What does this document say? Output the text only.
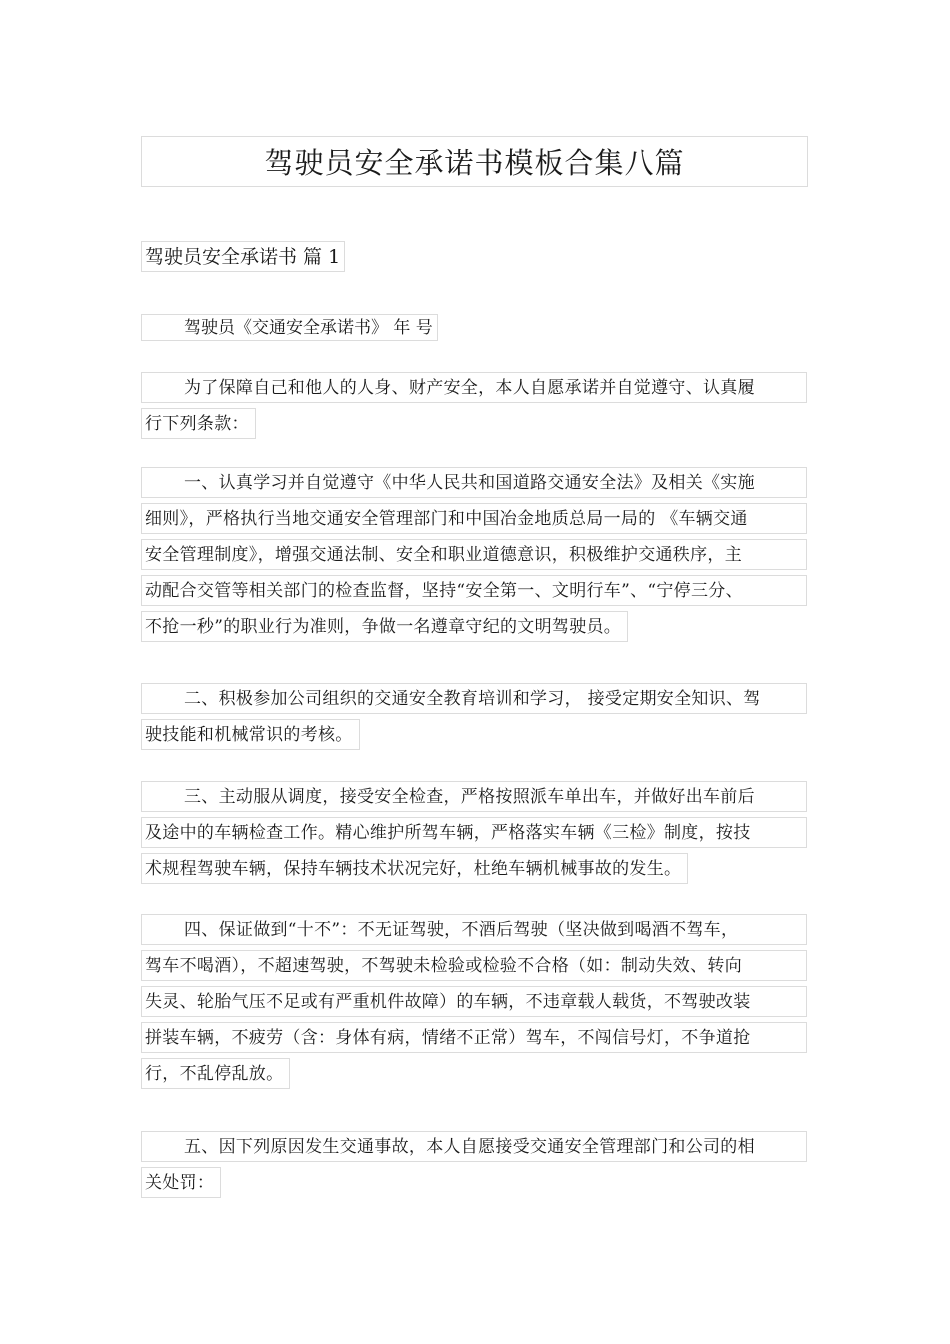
驾驶员安全承诺书模板合集八篇
驾驶员安全承诺书 篇 1
驾驶员《交通安全承诺书》 年 号
为了保障自己和他人的人身、财产安全，本人自愿承诺并自觉遵守、认真履
行下列条款：
一、认真学习并自觉遵守《中华人民共和国道路交通安全法》及相关《实施
细则》，严格执行当地交通安全管理部门和中国冶金地质总局一局的 《车辆交通
安全管理制度》，增强交通法制、安全和职业道德意识，积极维护交通秩序，主
动配合交管等相关部门的检查监督，坚持“安全第一、文明行车”、“宁停三分、
不抢一秒”的职业行为准则，争做一名遵章守纪的文明驾驶员。
二、积极参加公司组织的交通安全教育培训和学习， 接受定期安全知识、驾
驶技能和机械常识的考核。
三、主动服从调度，接受安全检查，严格按照派车单出车，并做好出车前后
及途中的车辆检查工作。精心维护所驾车辆，严格落实车辆《三检》制度，按技
术规程驾驶车辆，保持车辆技术状况完好，杜绝车辆机械事故的发生。
四、保证做到“十不”：不无证驾驶，不酒后驾驶（坚决做到喝酒不驾车，
驾车不喝酒），不超速驾驶，不驾驶未检验或检验不合格（如：制动失效、转向
失灵、轮胎气压不足或有严重机件故障）的车辆，不违章载人载货，不驾驶改装
拼装车辆，不疲劳（含：身体有病，情绪不正常）驾车，不闯信号灯，不争道抢
行，不乱停乱放。
五、因下列原因发生交通事故，本人自愿接受交通安全管理部门和公司的相
关处罚：
